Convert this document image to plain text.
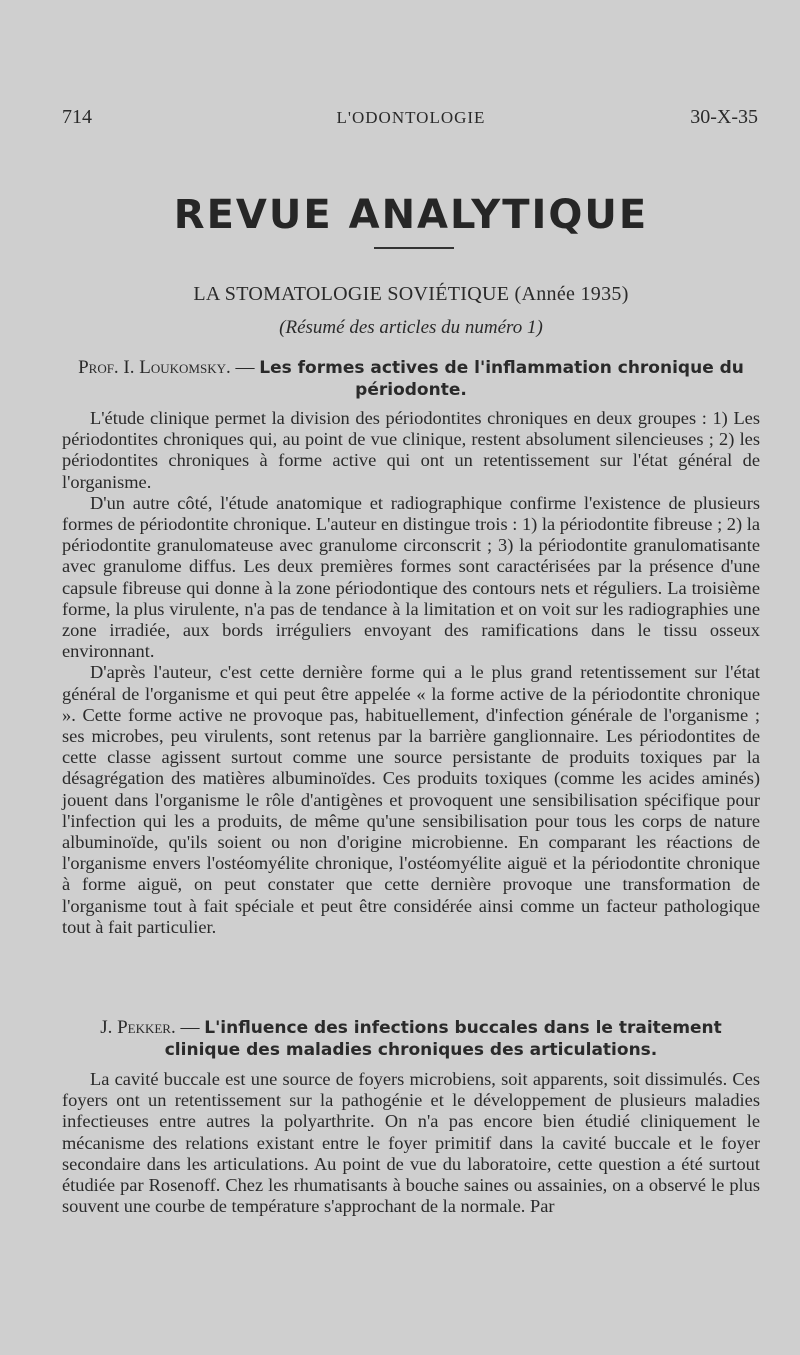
714	L'ODONTOLOGIE	30-X-35
REVUE ANALYTIQUE
LA STOMATOLOGIE SOVIÉTIQUE (Année 1935)
(Résumé des articles du numéro 1)
Prof. I. Loukomsky. — Les formes actives de l'inflammation chronique du périodonte.

L'étude clinique permet la division des périodontites chroniques en deux groupes : 1) Les périodontites chroniques qui, au point de vue clinique, restent absolument silencieuses ; 2) les périodontites chroniques à forme active qui ont un retentissement sur l'état général de l'organisme.

D'un autre côté, l'étude anatomique et radiographique confirme l'existence de plusieurs formes de périodontite chronique. L'auteur en distingue trois : 1) la périodontite fibreuse ; 2) la périodontite granulomateuse avec granulome circonscrit ; 3) la périodontite granulomatisante avec granulome diffus. Les deux premières formes sont caractérisées par la présence d'une capsule fibreuse qui donne à la zone périodontique des contours nets et réguliers. La troisième forme, la plus virulente, n'a pas de tendance à la limitation et on voit sur les radiographies une zone irradiée, aux bords irréguliers envoyant des ramifications dans le tissu osseux environnant.

D'après l'auteur, c'est cette dernière forme qui a le plus grand retentissement sur l'état général de l'organisme et qui peut être appelée « la forme active de la périodontite chronique ». Cette forme active ne provoque pas, habituellement, d'infection générale de l'organisme ; ses microbes, peu virulents, sont retenus par la barrière ganglionnaire. Les périodontites de cette classe agissent surtout comme une source persistante de produits toxiques par la désagrégation des matières albuminoïdes. Ces produits toxiques (comme les acides aminés) jouent dans l'organisme le rôle d'antigènes et provoquent une sensibilisation spécifique pour l'infection qui les a produits, de même qu'une sensibilisation pour tous les corps de nature albuminoïde, qu'ils soient ou non d'origine microbienne. En comparant les réactions de l'organisme envers l'ostéomyélite chronique, l'ostéomyélite aiguë et la périodontite chronique à forme aiguë, on peut constater que cette dernière provoque une transformation de l'organisme tout à fait spéciale et peut être considérée ainsi comme un facteur pathologique tout à fait particulier.

J. Pekker. — L'influence des infections buccales dans le traitement clinique des maladies chroniques des articulations.

La cavité buccale est une source de foyers microbiens, soit apparents, soit dissimulés. Ces foyers ont un retentissement sur la pathogénie et le développement de plusieurs maladies infectieuses entre autres la polyarthrite. On n'a pas encore bien étudié cliniquement le mécanisme des relations existant entre le foyer primitif dans la cavité buccale et le foyer secondaire dans les articulations. Au point de vue du laboratoire, cette question a été surtout étudiée par Rosenoff. Chez les rhumatisants à bouche saines ou assainies, on a observé le plus souvent une courbe de température s'approchant de la normale. Par
